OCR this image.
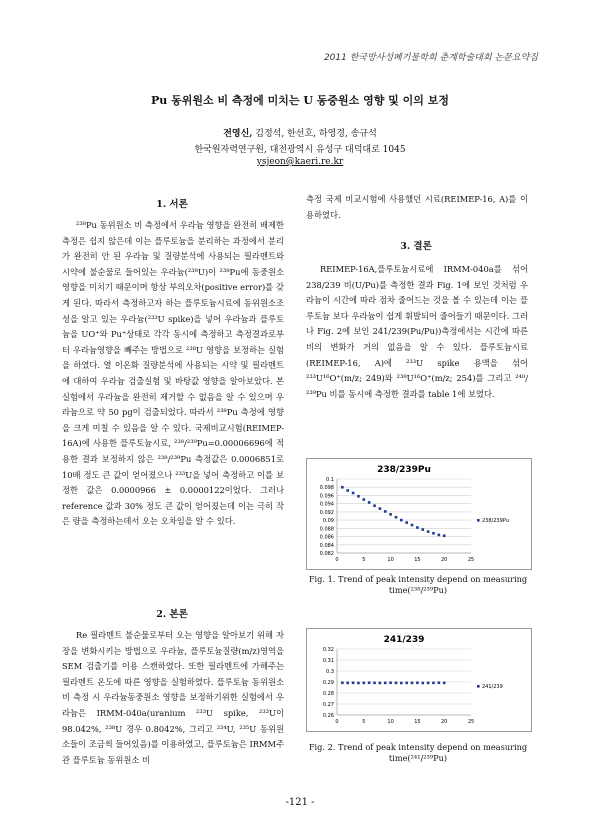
2011 한국방사성폐기물학회 춘계학술대회 논문요약집
Pu 동위원소 비 측정에 미치는 U 동중원소 영향 및 이의 보정
전영신, 김정석, 한선호, 하영경, 송규석
한국원자력연구원, 대전광역시 유성구 대덕대로 1045
ysjeon@kaeri.re.kr
1. 서론

²³⁸Pu 동위원소 비 측정에서 우라늄 영향을 완전히 배제한 측정은 쉽지 않은데 이는 플루토늄을 분리하는 과정에서 분리가 완전히 안 된 우라늄 및 질량분석에 사용되는 필라멘트와 시약에 불순물로 들어있는 우라늄(²³⁸U)이 ²³⁸Pu에 동중원소영향을 미치기 때문이며 항상 부의오차(positive error)를 갖게 된다. 따라서 측정하고자 하는 플루토늄시료에 동위원소조성을 알고 있는 우라늄(²³³U spike)을 넣어 우라늄과 플루토늄을 UO⁺와 Pu⁺상태로 각각 동시에 측정하고 측정결과로부터 우라늄영향을 빼주는 방법으로 ²³⁸U 영향을 보정하는 실험을 하였다. 열 이온화 질량분석에 사용되는 시약 및 필라멘트에 대하여 우라늄 검출실험 및 바탕값 영향을 알아보았다. 본 실험에서 우라늄을 완전히 제거할 수 없음을 알 수 있으며 우라늄으로 약 50 pg이 검출되었다. 따라서 ²³⁸Pu 측정에 영향을 크게 미칠 수 있음을 알 수 있다. 국제비교시험(REIMEP-16A)에 사용한 플루토늄시료, ²³⁸/²³⁹Pu=0.00006696에 적용한 결과 보정하지 않은 ²³⁸/²³⁹Pu 측정값은 0.0006851로 10배 정도 큰 값이 얻어졌으나 ²³³U을 넣어 측정하고 이를 보정한 값은 0.0000966 ± 0.0000122이었다. 그러나 reference 값과 30% 정도 큰 값이 얻어졌는데 이는 극히 작은 량을 측정하는데서 오는 오차임을 알 수 있다.

2. 본론

Re 필라멘트 불순물로부터 오는 영향을 알아보기 위해 자장을 변화시키는 방법으로 우라늄, 플루토늄질량(m/z)영역을 SEM 검출기를 이용 스캔하였다. 또한 필라멘트에 가해주는 필라멘트 온도에 따른 영향을 실험하였다. 플루토늄 동위원소비 측정 시 우라늄동중원소 영향을 보정하기위한 실험에서 우라늄은 IRMM-040a(uranium ²³³U spike, ²³³U이 98.042%, ²³⁸U 경우 0.8042%, 그리고 ²³⁴U, ²³⁵U 동위원소들이 조금씩 들어있음)를 이용하였고, 플루토늄은 IRMM주관 플루토늄 동위원소 비

측정 국제 비교시험에 사용했던 시료(REIMEP-16, A)를 이용하였다.

3. 결론

REIMEP-16A,플루토늄시료에 IRMM-040a를 섞어 238/239 비(U/Pu)를 측정한 결과 Fig. 1에 보인 것처럼 우라늄이 시간에 따라 점차 줄어드는 것을 볼 수 있는데 이는 플루토늄 보다 우라늄이 쉽게 휘발되어 줄어들기 때문이다. 그러나 Fig. 2에 보인 241/239(Pu/Pu))측정에서는 시간에 따른 비의 변화가 거의 없음을 알 수 있다. 플루토늄시료(REIMEP-16, A)에 ²³³U spike 용액을 섞어 ²³³U¹⁶O⁺(m/z; 249)와 ²³⁸U¹⁶O⁺(m/z; 254)를 그리고 ²⁴⁰/²³⁹Pu 비를 동시에 측정한 결과를 table 1에 보였다.

238/239Pu
0.1
0.098
0.096
0.094
0.092
0.09
0.088
0.086
0.084
0.082
0	5	10	15	20	25
238/239Pu
Fig. 1. Trend of peak intensity depend on measuring time(²³⁸/²³⁹Pu)
241/239
0.32
0.31
0.3
0.29
0.28
0.27
0.26
0	5	10	15	20	25
241/239
Fig. 2. Trend of peak intensity depend on measuring time(²⁴¹/²³⁹Pu)
-121 -
